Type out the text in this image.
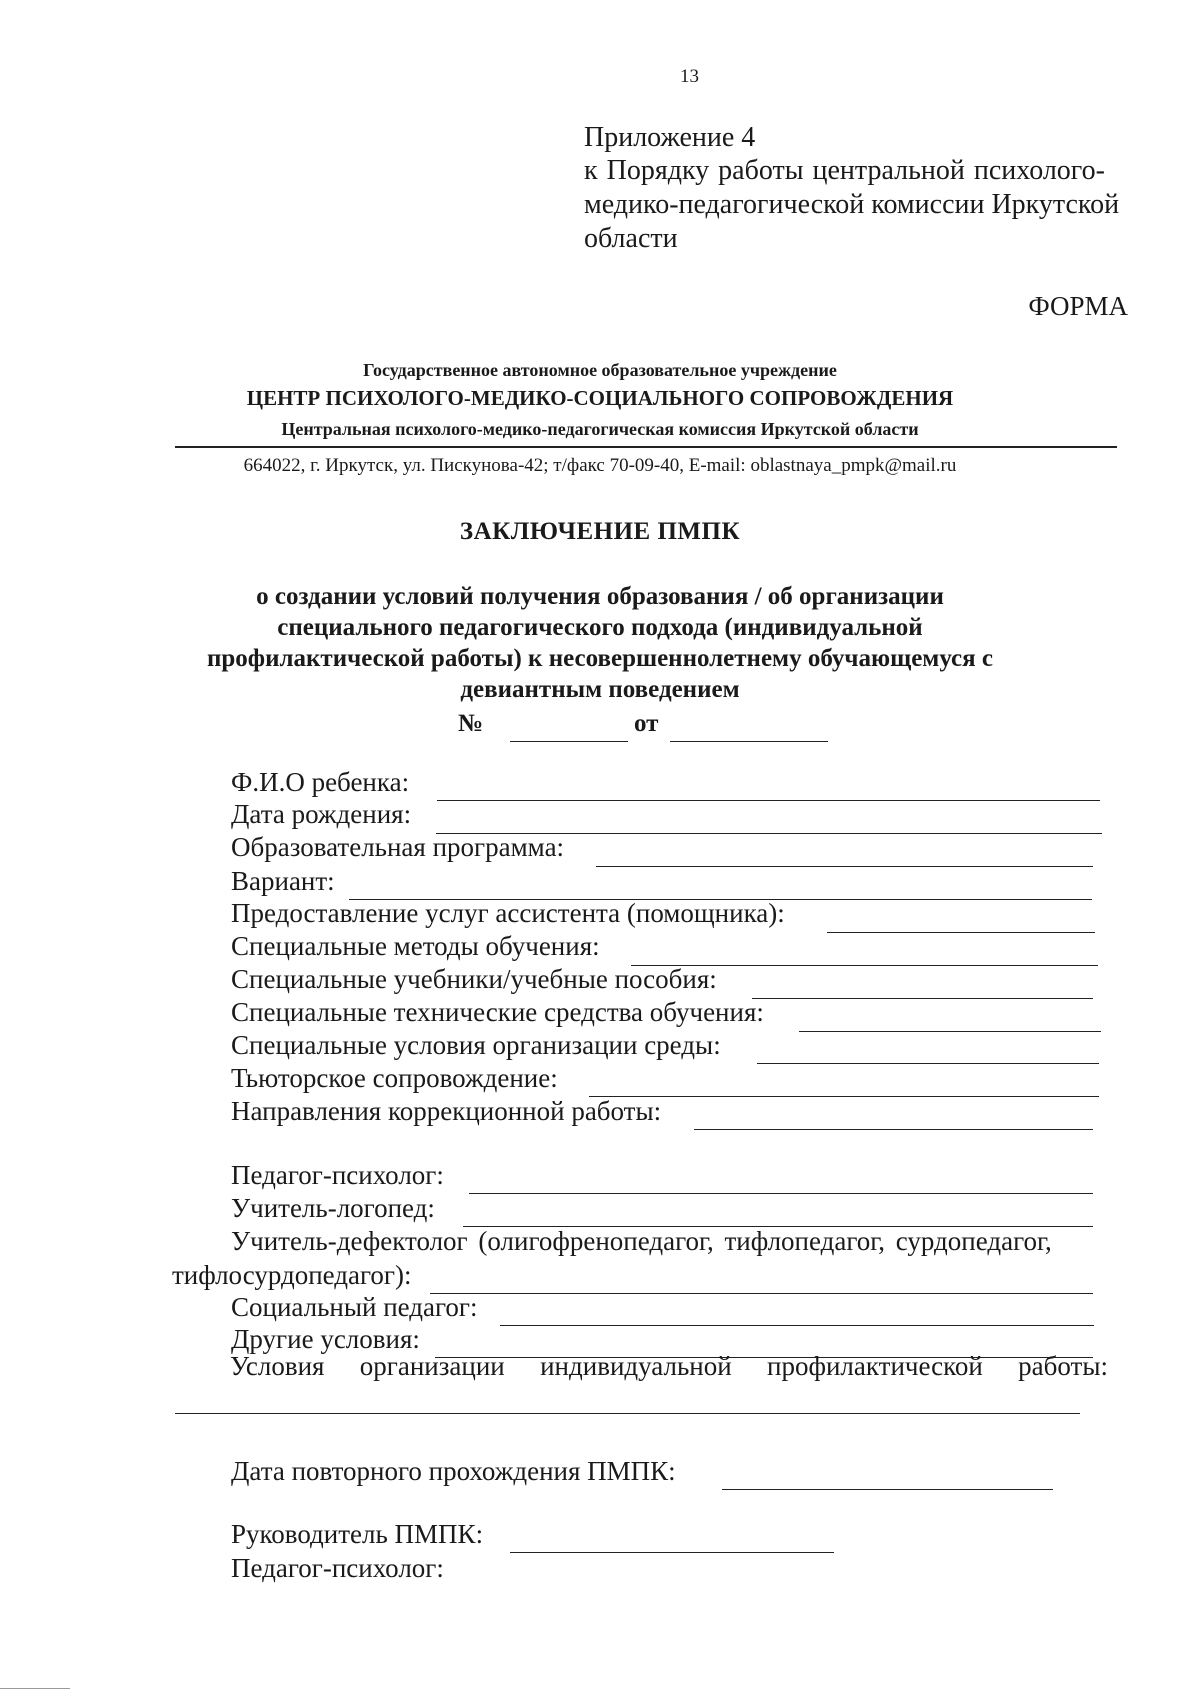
13
Приложение 4
к Порядку работы центральной психолого-
медико-педагогической комиссии Иркутской
области
ФОРМА
Государственное автономное образовательное учреждение
ЦЕНТР ПСИХОЛОГО-МЕДИКО-СОЦИАЛЬНОГО СОПРОВОЖДЕНИЯ
Центральная психолого-медико-педагогическая комиссия Иркутской области
664022, г. Иркутск, ул. Пискунова-42; т/факс 70-09-40, E-mail: oblastnaya_pmpk@mail.ru
ЗАКЛЮЧЕНИЕ ПМПК
о создании условий получения образования / об организации
специального педагогического подхода (индивидуальной
профилактической работы) к несовершеннолетнему обучающемуся с
девиантным поведением
№	от
Ф.И.О ребенка:
Дата рождения:
Образовательная программа:
Вариант:
Предоставление услуг ассистента (помощника):
Специальные методы обучения:
Специальные учебники/учебные пособия:
Специальные технические средства обучения:
Специальные условия организации среды:
Тьюторское сопровождение:
Направления коррекционной работы:
Педагог-психолог:
Учитель-логопед:
Учитель-дефектолог (олигофренопедагог, тифлопедагог, сурдопедагог,
тифлосурдопедагог):
Социальный педагог:
Другие условия:
Условия организации индивидуальной профилактической работы:
Дата повторного прохождения ПМПК:
Руководитель ПМПК:
Педагог-психолог:
